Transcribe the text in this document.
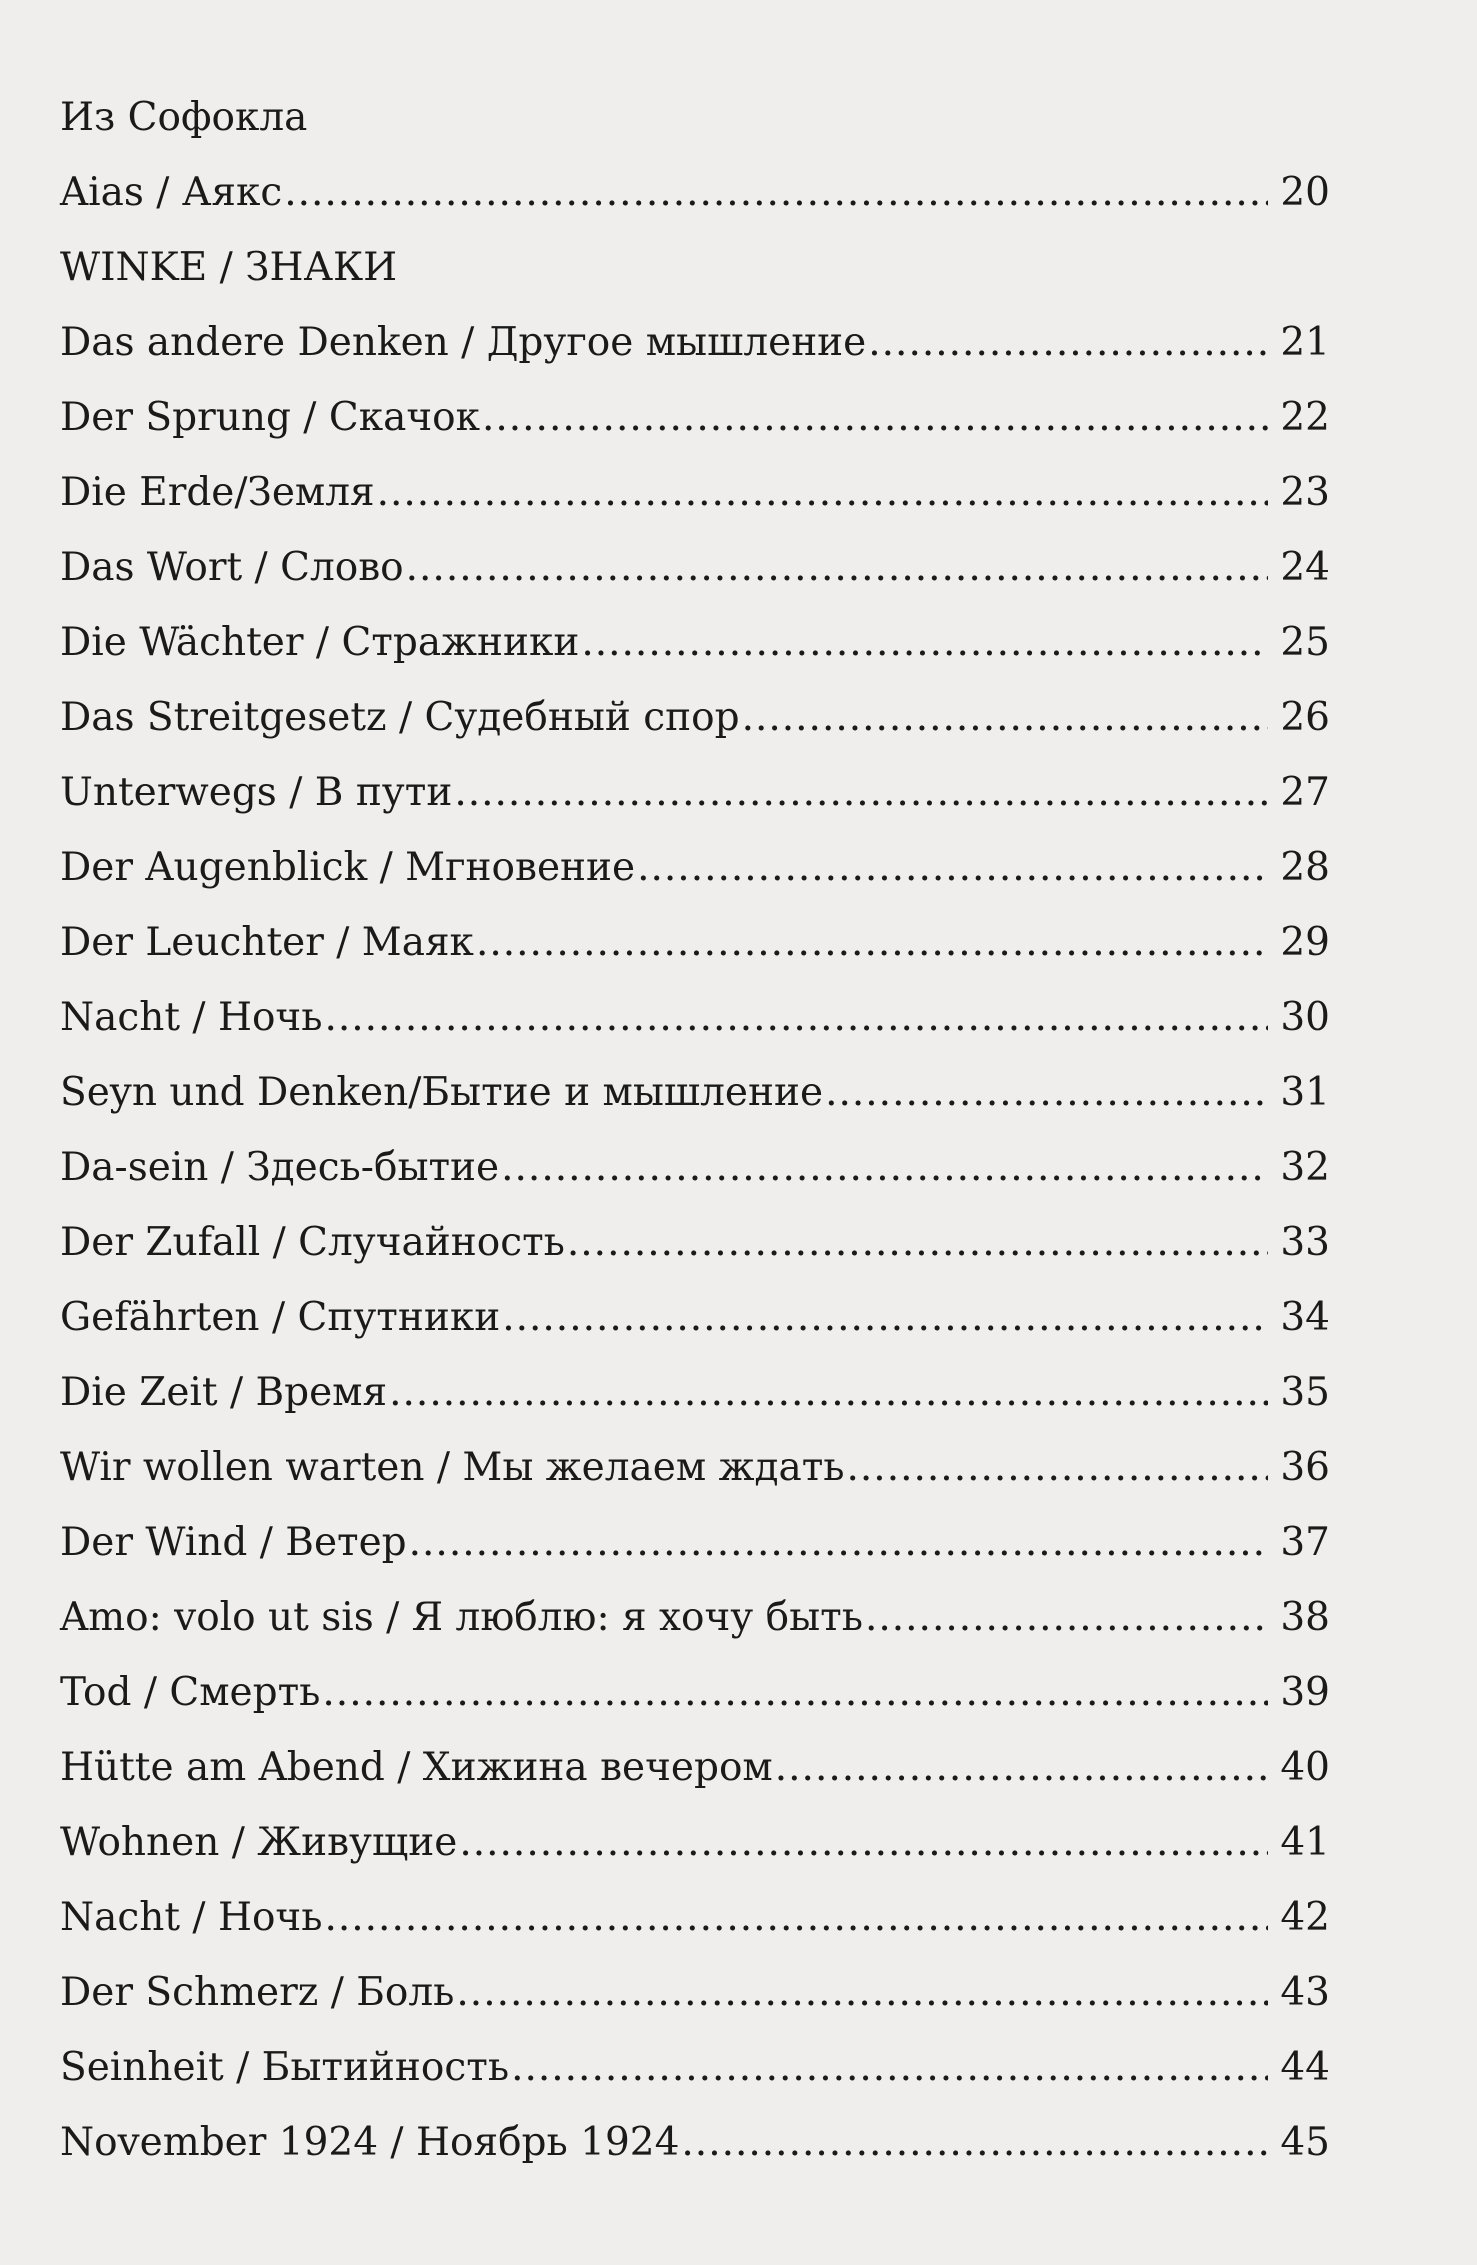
Из Софокла
Aias / Аякс .....	20
WINKE / ЗНАКИ
Das andere Denken / Другое мышление .....	21
Der Sprung / Скачок .....	22
Die Erde/Земля .....	23
Das Wort / Слово .....	24
Die Wächter / Стражники .....	25
Das Streitgesetz / Судебный спор .....	26
Unterwegs / В пути .....	27
Der Augenblick / Мгновение .....	28
Der Leuchter / Маяк .....	29
Nacht / Ночь .....	30
Seyn und Denken/Бытие и мышление .....	31
Da-sein / Здесь-бытие .....	32
Der Zufall / Случайность .....	33
Gefährten / Спутники .....	34
Die Zeit / Время .....	35
Wir wollen warten / Мы желаем ждать .....	36
Der Wind / Ветер .....	37
Amo: volo ut sis / Я люблю: я хочу быть .....	38
Tod / Смерть .....	39
Hütte am Abend / Хижина вечером .....	40
Wohnen / Живущие .....	41
Nacht / Ночь .....	42
Der Schmerz / Боль .....	43
Seinheit / Бытийность .....	44
November 1924 / Ноябрь 1924 .....	45
